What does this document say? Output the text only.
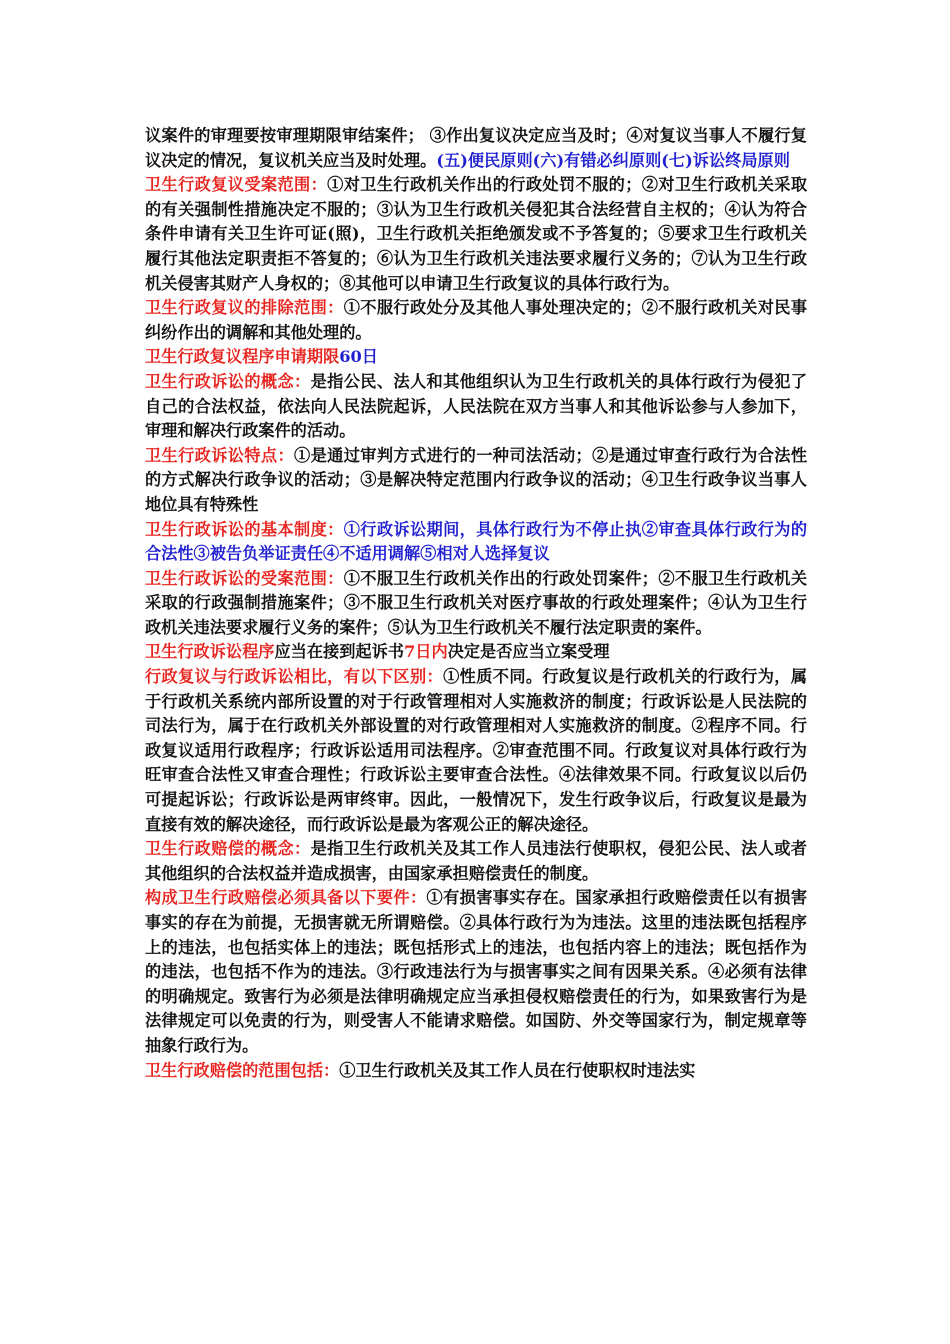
议案件的审理要按审理期限审结案件； ③作出复议决定应当及时；④对复议当事人不履行复议决定的情况，复议机关应当及时处理。(五)便民原则(六)有错必纠原则(七)诉讼终局原则

卫生行政复议受案范围：①对卫生行政机关作出的行政处罚不服的；②对卫生行政机关采取的有关强制性措施决定不服的；③认为卫生行政机关侵犯其合法经营自主权的；④认为符合条件申请有关卫生许可证(照)，卫生行政机关拒绝颁发或不予答复的；⑤要求卫生行政机关履行其他法定职责拒不答复的；⑥认为卫生行政机关违法要求履行义务的；⑦认为卫生行政机关侵害其财产人身权的；⑧其他可以申请卫生行政复议的具体行政行为。

卫生行政复议的排除范围：①不服行政处分及其他人事处理决定的；②不服行政机关对民事纠纷作出的调解和其他处理的。

卫生行政复议程序申请期限60日

卫生行政诉讼的概念：是指公民、法人和其他组织认为卫生行政机关的具体行政行为侵犯了自己的合法权益，依法向人民法院起诉，人民法院在双方当事人和其他诉讼参与人参加下，审理和解决行政案件的活动。

卫生行政诉讼特点：①是通过审判方式进行的一种司法活动；②是通过审查行政行为合法性的方式解决行政争议的活动；③是解决特定范围内行政争议的活动；④卫生行政争议当事人地位具有特殊性

卫生行政诉讼的基本制度：①行政诉讼期间，具体行政行为不停止执②审查具体行政行为的合法性③被告负举证责任④不适用调解⑤相对人选择复议

卫生行政诉讼的受案范围：①不服卫生行政机关作出的行政处罚案件；②不服卫生行政机关采取的行政强制措施案件；③不服卫生行政机关对医疗事故的行政处理案件；④认为卫生行政机关违法要求履行义务的案件；⑤认为卫生行政机关不履行法定职责的案件。

卫生行政诉讼程序应当在接到起诉书7日内决定是否应当立案受理

行政复议与行政诉讼相比，有以下区别：①性质不同。行政复议是行政机关的行政行为，属于行政机关系统内部所设置的对于行政管理相对人实施救济的制度；行政诉讼是人民法院的司法行为，属于在行政机关外部设置的对行政管理相对人实施救济的制度。②程序不同。行政复议适用行政程序；行政诉讼适用司法程序。②审查范围不同。行政复议对具体行政行为旺审查合法性又审查合理性；行政诉讼主要审查合法性。④法律效果不同。行政复议以后仍可提起诉讼；行政诉讼是两审终审。因此，一般情况下，发生行政争议后，行政复议是最为直接有效的解决途径，而行政诉讼是最为客观公正的解决途径。

卫生行政赔偿的概念：是指卫生行政机关及其工作人员违法行使职权，侵犯公民、法人或者其他组织的合法权益并造成损害，由国家承担赔偿责任的制度。

构成卫生行政赔偿必须具备以下要件：①有损害事实存在。国家承担行政赔偿责任以有损害事实的存在为前提，无损害就无所谓赔偿。②具体行政行为为违法。这里的违法既包括程序上的违法，也包括实体上的违法；既包括形式上的违法，也包括内容上的违法；既包括作为的违法，也包括不作为的违法。③行政违法行为与损害事实之间有因果关系。④必须有法律的明确规定。致害行为必须是法律明确规定应当承担侵权赔偿责任的行为，如果致害行为是法律规定可以免责的行为，则受害人不能请求赔偿。如国防、外交等国家行为，制定规章等抽象行政行为。

卫生行政赔偿的范围包括：①卫生行政机关及其工作人员在行使职权时违法实
